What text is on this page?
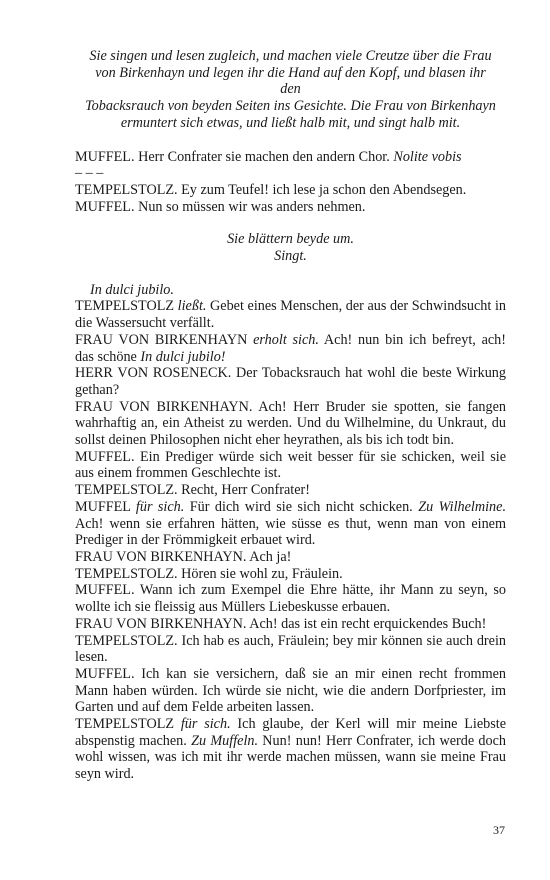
Sie singen und lesen zugleich, und machen viele Creutze über die Frau
von Birkenhayn und legen ihr die Hand auf den Kopf, und blasen ihr
den
Tobacksrauch von beyden Seiten ins Gesichte. Die Frau von Birkenhayn
ermuntert sich etwas, und ließt halb mit, und singt halb mit.
MUFFEL. Herr Confrater sie machen den andern Chor. Nolite vobis
– – –
TEMPELSTOLZ. Ey zum Teufel! ich lese ja schon den Abendsegen.
MUFFEL. Nun so müssen wir was anders nehmen.
Sie blättern beyde um.
Singt.
In dulci jubilo.
TEMPELSTOLZ ließt. Gebet eines Menschen, der aus der Schwindsucht in die Wassersucht verfällt.
FRAU VON BIRKENHAYN erholt sich. Ach! nun bin ich befreyt, ach! das schöne In dulci jubilo!
HERR VON ROSENECK. Der Tobacksrauch hat wohl die beste Wirkung gethan?
FRAU VON BIRKENHAYN. Ach! Herr Bruder sie spotten, sie fangen wahrhaftig an, ein Atheist zu werden. Und du Wilhelmine, du Unkraut, du sollst deinen Philosophen nicht eher heyrathen, als bis ich todt bin.
MUFFEL. Ein Prediger würde sich weit besser für sie schicken, weil sie aus einem frommen Geschlechte ist.
TEMPELSTOLZ. Recht, Herr Confrater!
MUFFEL für sich. Für dich wird sie sich nicht schicken. Zu Wilhelmine. Ach! wenn sie erfahren hätten, wie süsse es thut, wenn man von einem Prediger in der Frömmigkeit erbauet wird.
FRAU VON BIRKENHAYN. Ach ja!
TEMPELSTOLZ. Hören sie wohl zu, Fräulein.
MUFFEL. Wann ich zum Exempel die Ehre hätte, ihr Mann zu seyn, so wollte ich sie fleissig aus Müllers Liebeskusse erbauen.
FRAU VON BIRKENHAYN. Ach! das ist ein recht erquickendes Buch!
TEMPELSTOLZ. Ich hab es auch, Fräulein; bey mir können sie auch drein lesen.
MUFFEL. Ich kan sie versichern, daß sie an mir einen recht frommen Mann haben würden. Ich würde sie nicht, wie die andern Dorfpriester, im Garten und auf dem Felde arbeiten lassen.
TEMPELSTOLZ für sich. Ich glaube, der Kerl will mir meine Liebste abspenstig machen. Zu Muffeln. Nun! nun! Herr Confrater, ich werde doch wohl wissen, was ich mit ihr werde machen müssen, wann sie meine Frau seyn wird.
37
